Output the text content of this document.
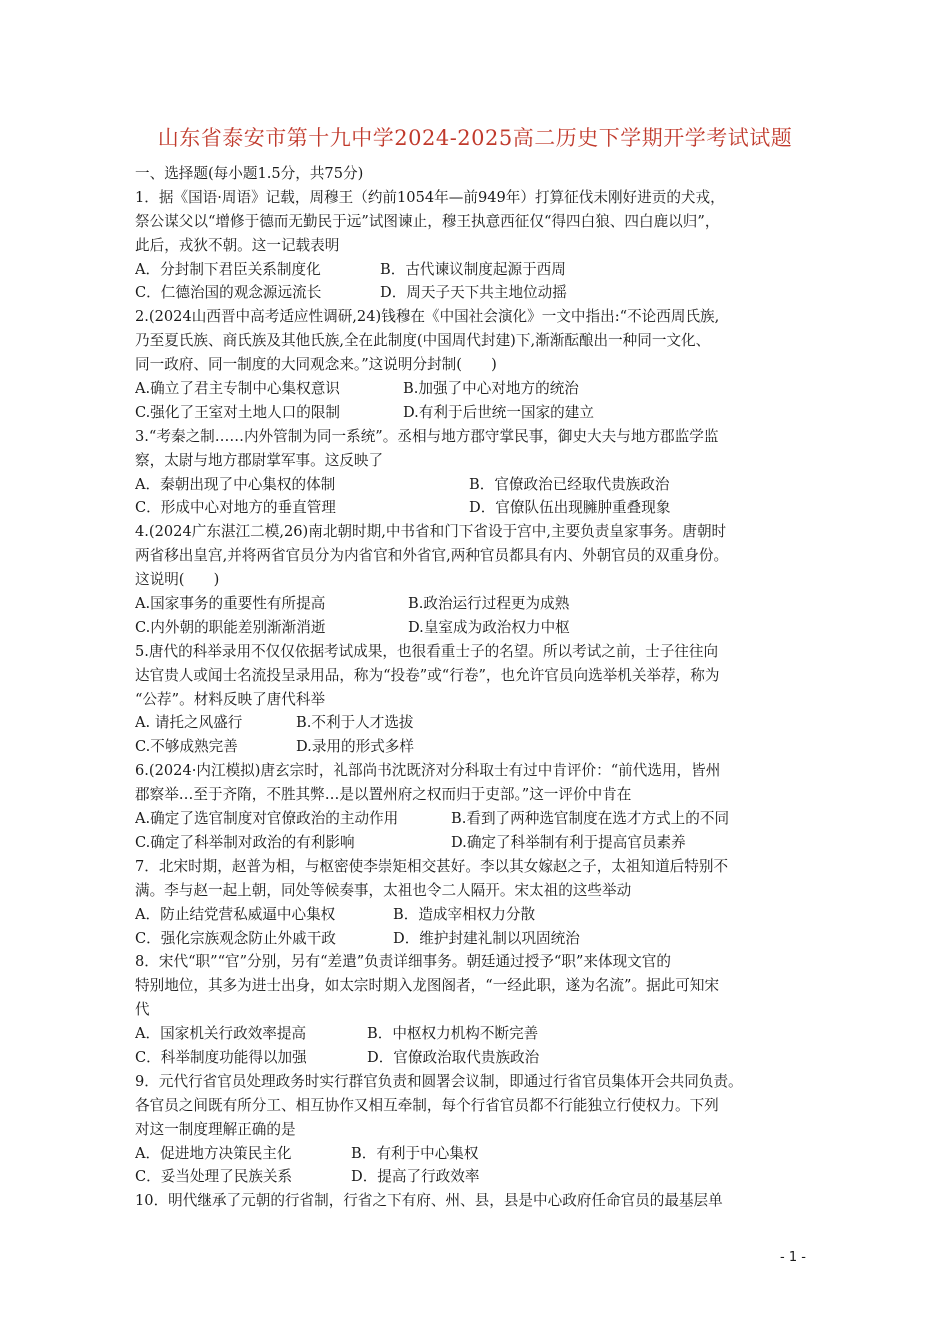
山东省泰安市第十九中学2024-2025高二历史下学期开学考试试题
一、选择题(每小题1.5分，共75分)
1．据《国语·周语》记载，周穆王（约前1054年—前949年）打算征伐未刚好进贡的犬戎，
祭公谋父以“增修于德而无勤民于远”试图谏止，穆王执意西征仅“得四白狼、四白鹿以归”，
此后，戎狄不朝。这一记载表明
A．分封制下君臣关系制度化	B．古代谏议制度起源于西周
C．仁德治国的观念源远流长	D．周天子天下共主地位动摇
2.(2024山西晋中高考适应性调研,24)钱穆在《中国社会演化》一文中指出:“不论西周氏族,
乃至夏氏族、商氏族及其他氏族,全在此制度(中国周代封建)下,渐渐酝酿出一种同一文化、
同一政府、同一制度的大同观念来。”这说明分封制(　　)
A.确立了君主专制中心集权意识	B.加强了中心对地方的统治
C.强化了王室对土地人口的限制	D.有利于后世统一国家的建立
3.“考秦之制……内外管制为同一系统”。丞相与地方郡守掌民事，御史大夫与地方郡监学监
察，太尉与地方郡尉掌军事。这反映了
A．秦朝出现了中心集权的体制	B．官僚政治已经取代贵族政治
C．形成中心对地方的垂直管理	D．官僚队伍出现臃肿重叠现象
4.(2024广东湛江二模,26)南北朝时期,中书省和门下省设于宫中,主要负责皇家事务。唐朝时
两省移出皇宫,并将两省官员分为内省官和外省官,两种官员都具有内、外朝官员的双重身份。
这说明(　　)
A.国家事务的重要性有所提高	B.政治运行过程更为成熟
C.内外朝的职能差别渐渐消逝	D.皇室成为政治权力中枢
5.唐代的科举录用不仅仅依据考试成果，也很看重士子的名望。所以考试之前，士子往往向
达官贵人或闻士名流投呈录用品，称为“投卷”或“行卷”，也允许官员向选举机关举荐，称为
“公荐”。材料反映了唐代科举
A. 请托之风盛行	B.不利于人才选拔
C.不够成熟完善	D.录用的形式多样
6.(2024·内江模拟)唐玄宗时，礼部尚书沈既济对分科取士有过中肯评价：“前代选用，皆州
郡察举…至于齐隋，不胜其弊…是以置州府之权而归于吏部。”这一评价中肯在
A.确定了选官制度对官僚政治的主动作用	B.看到了两种选官制度在选才方式上的不同
C.确定了科举制对政治的有利影响	D.确定了科举制有利于提高官员素养
7．北宋时期，赵普为相，与枢密使李崇矩相交甚好。李以其女嫁赵之子，太祖知道后特别不
满。李与赵一起上朝，同处等候奏事，太祖也令二人隔开。宋太祖的这些举动
A．防止结党营私威逼中心集权	B．造成宰相权力分散
C．强化宗族观念防止外戚干政	D．维护封建礼制以巩固统治
8．宋代“职”“官”分别，另有“差遣”负责详细事务。朝廷通过授予“职”来体现文官的
特别地位，其多为进士出身，如太宗时期入龙图阁者，“一经此职，遂为名流”。据此可知宋
代
A．国家机关行政效率提高	B．中枢权力机构不断完善
C．科举制度功能得以加强	D．官僚政治取代贵族政治
9．元代行省官员处理政务时实行群官负责和圆署会议制，即通过行省官员集体开会共同负责。
各官员之间既有所分工、相互协作又相互牵制，每个行省官员都不行能独立行使权力。下列
对这一制度理解正确的是
A．促进地方决策民主化	B．有利于中心集权
C．妥当处理了民族关系	D．提高了行政效率
10．明代继承了元朝的行省制，行省之下有府、州、县，县是中心政府任命官员的最基层单
- 1 -
